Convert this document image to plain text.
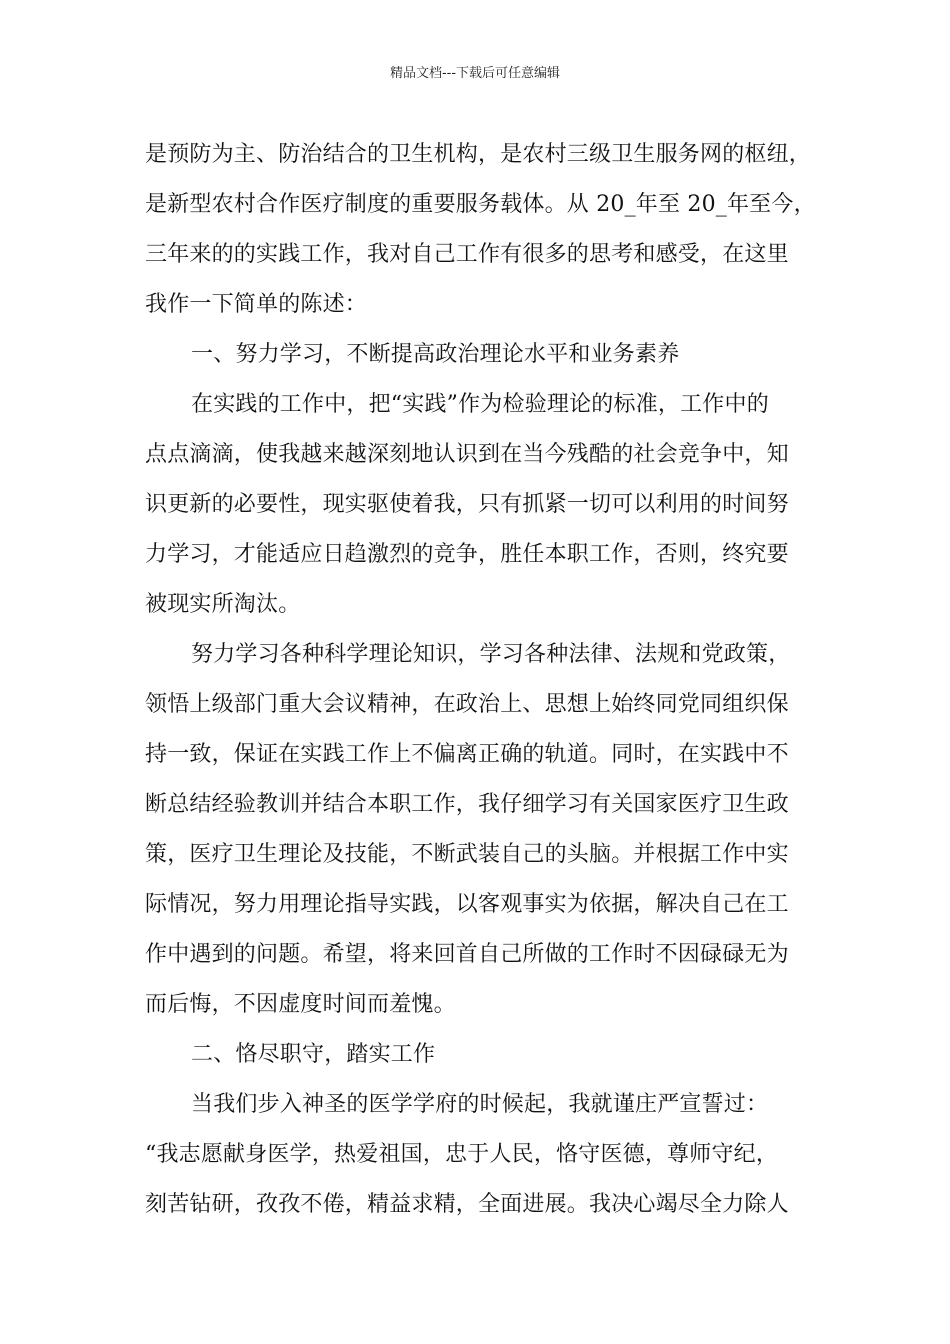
精品文档---下载后可任意编辑
是预防为主、防治结合的卫生机构，是农村三级卫生服务网的枢纽，
是新型农村合作医疗制度的重要服务载体。从 20_年至 20_年至今，
三年来的的实践工作，我对自己工作有很多的思考和感受，在这里
我作一下简单的陈述：
一、努力学习，不断提高政治理论水平和业务素养
在实践的工作中，把“实践”作为检验理论的标准，工作中的
点点滴滴，使我越来越深刻地认识到在当今残酷的社会竞争中，知
识更新的必要性，现实驱使着我，只有抓紧一切可以利用的时间努
力学习，才能适应日趋激烈的竞争，胜任本职工作，否则，终究要
被现实所淘汰。
努力学习各种科学理论知识，学习各种法律、法规和党政策，
领悟上级部门重大会议精神，在政治上、思想上始终同党同组织保
持一致，保证在实践工作上不偏离正确的轨道。同时，在实践中不
断总结经验教训并结合本职工作，我仔细学习有关国家医疗卫生政
策，医疗卫生理论及技能，不断武装自己的头脑。并根据工作中实
际情况，努力用理论指导实践，以客观事实为依据，解决自己在工
作中遇到的问题。希望，将来回首自己所做的工作时不因碌碌无为
而后悔，不因虚度时间而羞愧。
二、恪尽职守，踏实工作
当我们步入神圣的医学学府的时候起，我就谨庄严宣誓过：
“我志愿献身医学，热爱祖国，忠于人民，恪守医德，尊师守纪，
刻苦钻研，孜孜不倦，精益求精，全面进展。我决心竭尽全力除人
